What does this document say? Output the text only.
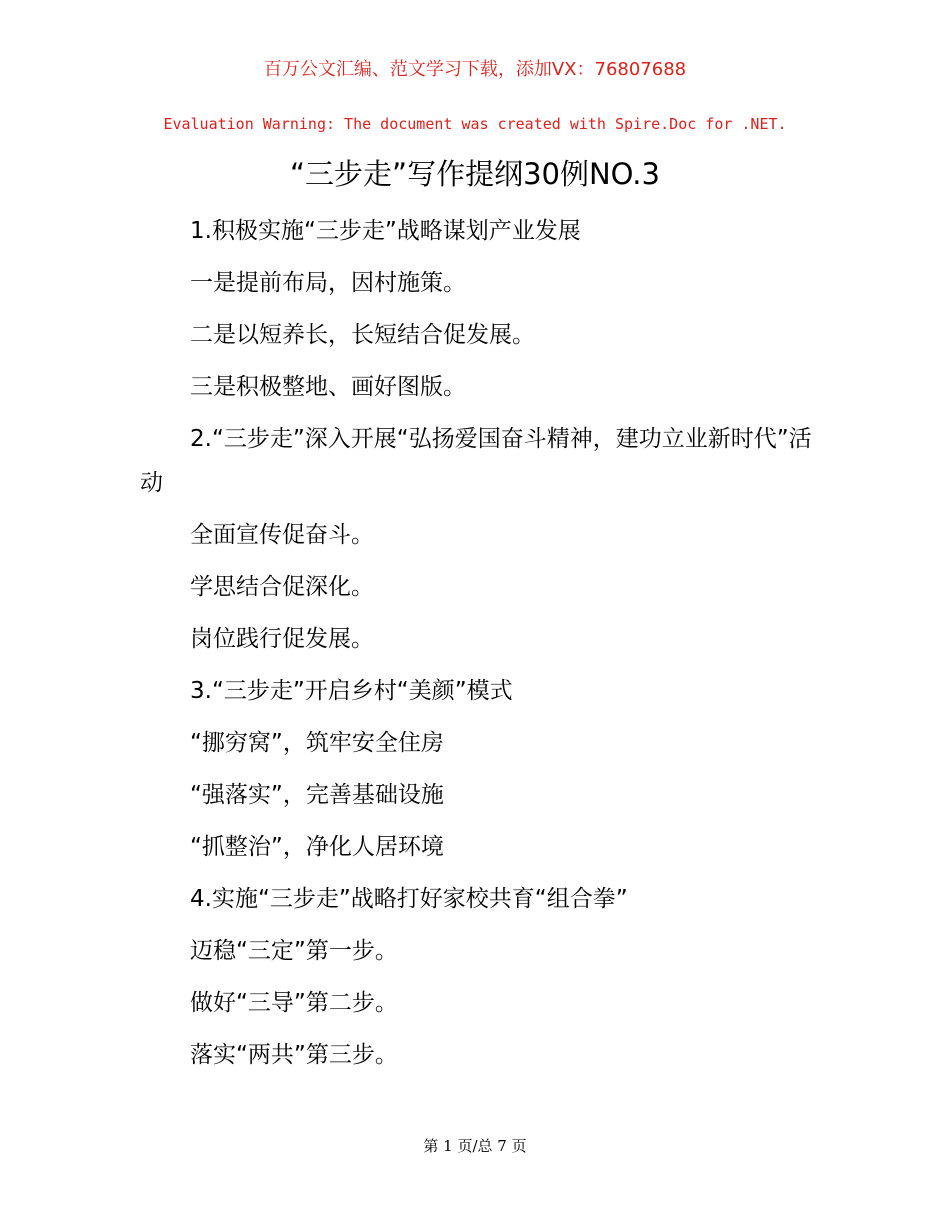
百万公文汇编、范文学习下载，添加VX：76807688
Evaluation Warning: The document was created with Spire.Doc for .NET.
“三步走”写作提纲30例NO.3

1.积极实施“三步走”战略谋划产业发展

一是提前布局，因村施策。

二是以短养长，长短结合促发展。

三是积极整地、画好图版。

2.“三步走”深入开展“弘扬爱国奋斗精神，建功立业新时代”活动

全面宣传促奋斗。

学思结合促深化。

岗位践行促发展。

3.“三步走”开启乡村“美颜”模式

“挪穷窝”，筑牢安全住房

“强落实”，完善基础设施

“抓整治”，净化人居环境

4.实施“三步走”战略打好家校共育“组合拳”

迈稳“三定”第一步。

做好“三导”第二步。

落实“两共”第三步。

第 1 页/总 7 页
